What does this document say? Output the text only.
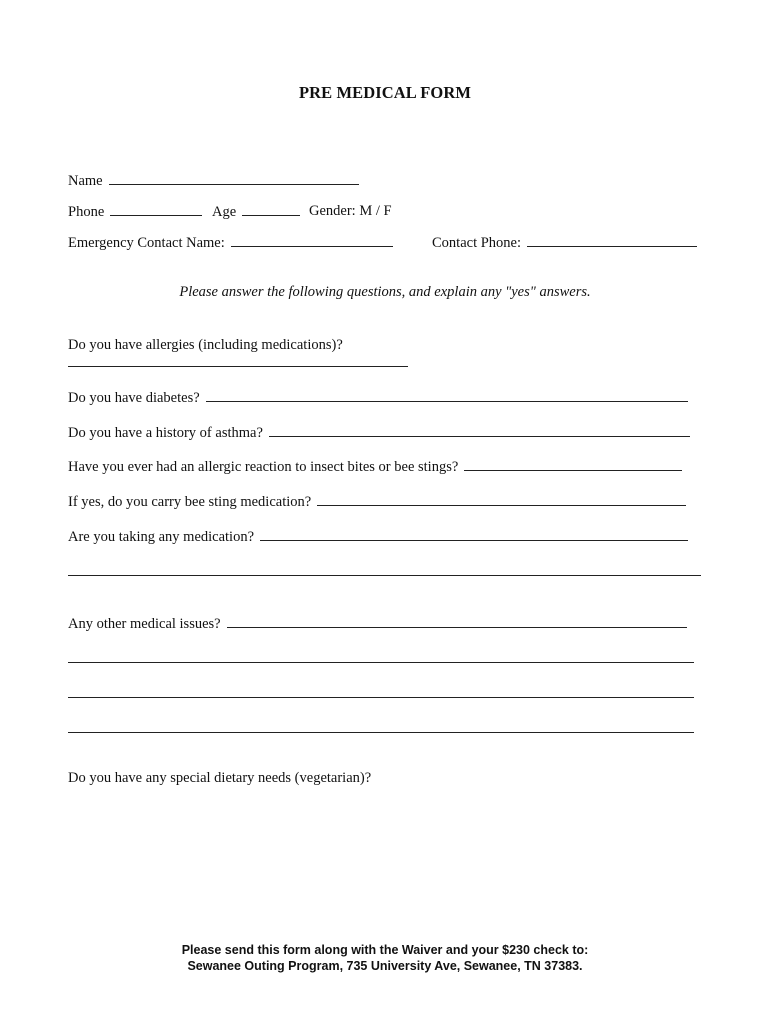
PRE MEDICAL FORM
Name
Phone	Age	Gender: M / F
Emergency Contact Name:	Contact Phone:
Please answer the following questions, and explain any "yes" answers.
Do you have allergies (including medications)?
Do you have diabetes?
Do you have a history of asthma?
Have you ever had an allergic reaction to insect bites or bee stings?
If yes, do you carry bee sting medication?
Are you taking any medication?
Any other medical issues?
Do you have any special dietary needs (vegetarian)?
Please send this form along with the Waiver and your $230 check to:
Sewanee Outing Program, 735 University Ave, Sewanee, TN 37383.
